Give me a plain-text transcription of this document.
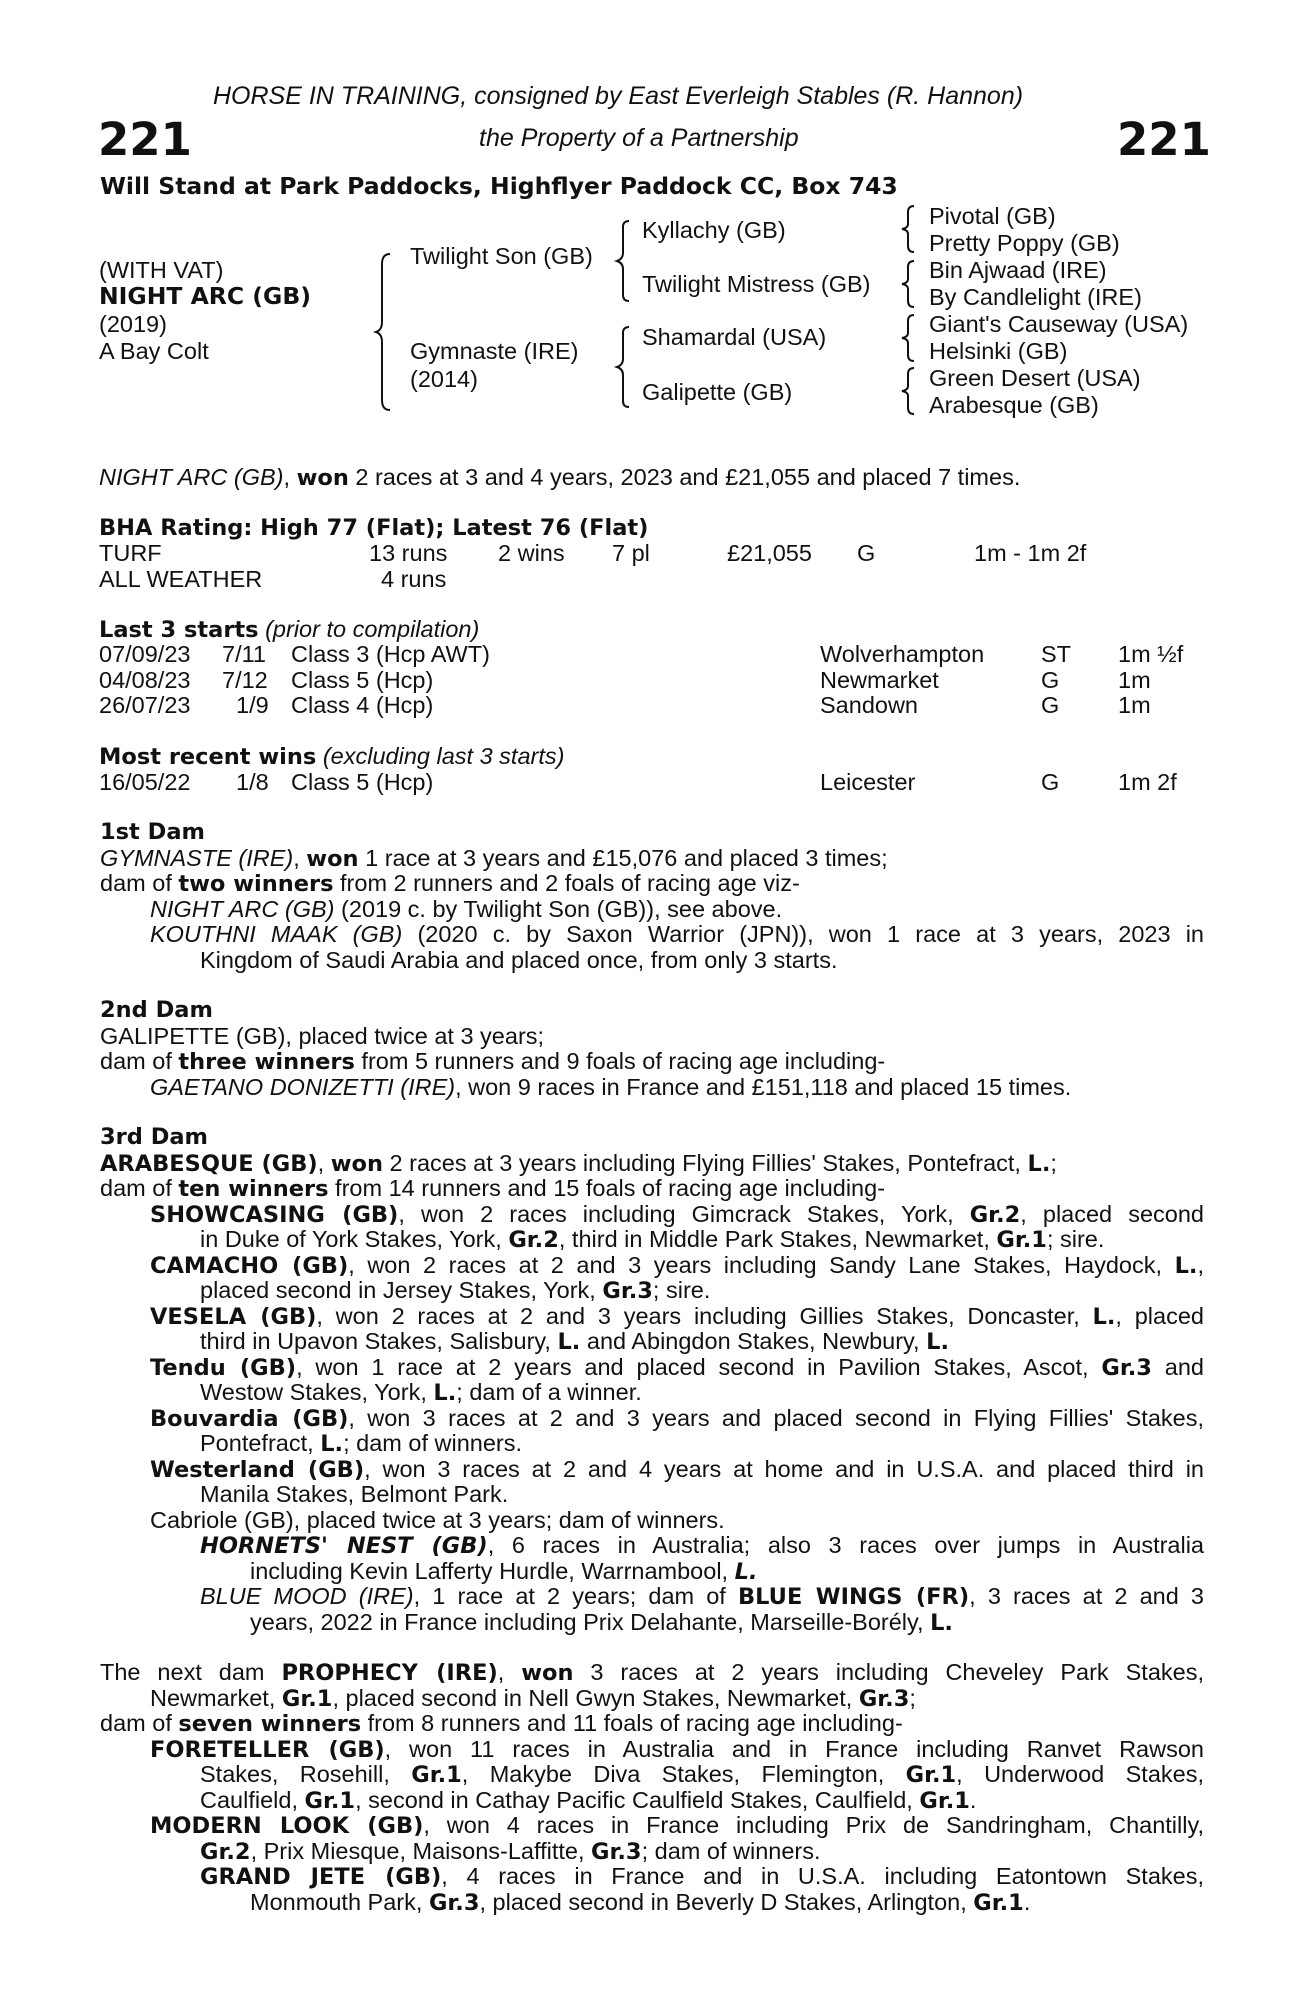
HORSE IN TRAINING, consigned by East Everleigh Stables (R. Hannon)
221	the Property of a Partnership	221
Will Stand at Park Paddocks, Highflyer Paddock CC, Box 743
(WITH VAT)
NIGHT ARC (GB)
(2019)
A Bay Colt
Twilight Son (GB)
Gymnaste (IRE)
(2014)
Kyllachy (GB)
Twilight Mistress (GB)
Shamardal (USA)
Galipette (GB)
Pivotal (GB)
Pretty Poppy (GB)
Bin Ajwaad (IRE)
By Candlelight (IRE)
Giant's Causeway (USA)
Helsinki (GB)
Green Desert (USA)
Arabesque (GB)
NIGHT ARC (GB), won 2 races at 3 and 4 years, 2023 and £21,055 and placed 7 times.
BHA Rating: High 77 (Flat); Latest 76 (Flat)
TURF	13 runs 2 wins 7 pl	£21,055 G	1m - 1m 2f
ALL WEATHER	4 runs
Last 3 starts (prior to compilation)
07/09/23 7/11 Class 3 (Hcp AWT)	Wolverhampton ST 1m ½f
04/08/23 7/12 Class 5 (Hcp)	Newmarket	G 1m
26/07/23 1/9 Class 4 (Hcp)	Sandown	G 1m
Most recent wins (excluding last 3 starts)
16/05/22 1/8 Class 5 (Hcp)	Leicester	G 1m 2f
1st Dam
GYMNASTE (IRE), won 1 race at 3 years and £15,076 and placed 3 times;
dam of two winners from 2 runners and 2 foals of racing age viz-
NIGHT ARC (GB) (2019 c. by Twilight Son (GB)), see above.
KOUTHNI MAAK (GB) (2020 c. by Saxon Warrior (JPN)), won 1 race at 3 years, 2023 in
Kingdom of Saudi Arabia and placed once, from only 3 starts.
2nd Dam
GALIPETTE (GB), placed twice at 3 years;
dam of three winners from 5 runners and 9 foals of racing age including-
GAETANO DONIZETTI (IRE), won 9 races in France and £151,118 and placed 15 times.
3rd Dam
ARABESQUE (GB), won 2 races at 3 years including Flying Fillies' Stakes, Pontefract, L.;
dam of ten winners from 14 runners and 15 foals of racing age including-
SHOWCASING (GB), won 2 races including Gimcrack Stakes, York, Gr.2, placed second
in Duke of York Stakes, York, Gr.2, third in Middle Park Stakes, Newmarket, Gr.1; sire.
CAMACHO (GB), won 2 races at 2 and 3 years including Sandy Lane Stakes, Haydock, L.,
placed second in Jersey Stakes, York, Gr.3; sire.
VESELA (GB), won 2 races at 2 and 3 years including Gillies Stakes, Doncaster, L., placed
third in Upavon Stakes, Salisbury, L. and Abingdon Stakes, Newbury, L.
Tendu (GB), won 1 race at 2 years and placed second in Pavilion Stakes, Ascot, Gr.3 and
Westow Stakes, York, L.; dam of a winner.
Bouvardia (GB), won 3 races at 2 and 3 years and placed second in Flying Fillies' Stakes,
Pontefract, L.; dam of winners.
Westerland (GB), won 3 races at 2 and 4 years at home and in U.S.A. and placed third in
Manila Stakes, Belmont Park.
Cabriole (GB), placed twice at 3 years; dam of winners.
HORNETS' NEST (GB), 6 races in Australia; also 3 races over jumps in Australia
including Kevin Lafferty Hurdle, Warrnambool, L.
BLUE MOOD (IRE), 1 race at 2 years; dam of BLUE WINGS (FR), 3 races at 2 and 3
years, 2022 in France including Prix Delahante, Marseille-Borély, L.
The next dam PROPHECY (IRE), won 3 races at 2 years including Cheveley Park Stakes,
Newmarket, Gr.1, placed second in Nell Gwyn Stakes, Newmarket, Gr.3;
dam of seven winners from 8 runners and 11 foals of racing age including-
FORETELLER (GB), won 11 races in Australia and in France including Ranvet Rawson
Stakes, Rosehill, Gr.1, Makybe Diva Stakes, Flemington, Gr.1, Underwood Stakes,
Caulfield, Gr.1, second in Cathay Pacific Caulfield Stakes, Caulfield, Gr.1.
MODERN LOOK (GB), won 4 races in France including Prix de Sandringham, Chantilly,
Gr.2, Prix Miesque, Maisons-Laffitte, Gr.3; dam of winners.
GRAND JETE (GB), 4 races in France and in U.S.A. including Eatontown Stakes,
Monmouth Park, Gr.3, placed second in Beverly D Stakes, Arlington, Gr.1.
